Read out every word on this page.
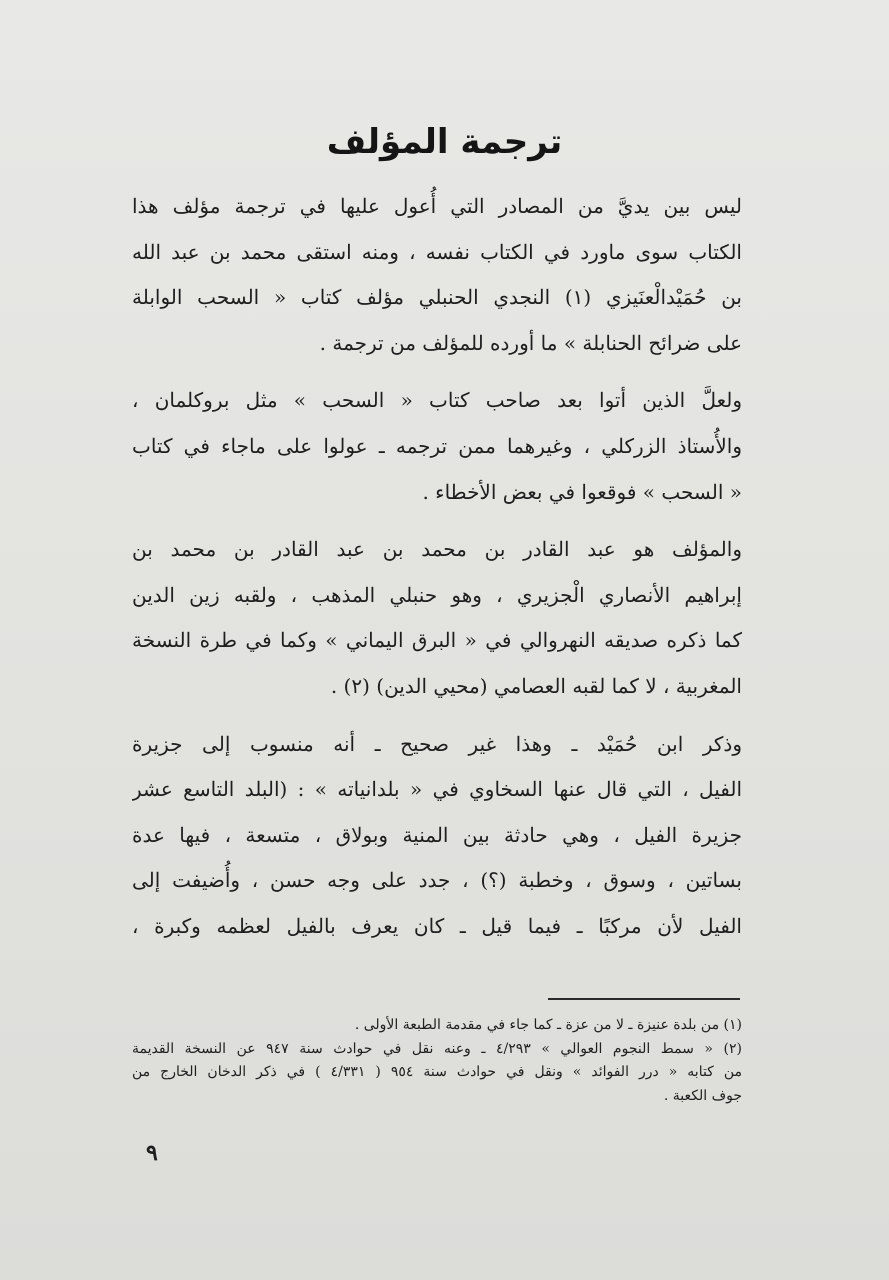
ترجمة المؤلف
ليس بين يديَّ من المصادر التي أُعول عليها في ترجمة مؤلف هذا
الكتاب سوى ماورد في الكتاب نفسه ، ومنه استقى محمد بن عبد الله
بن حُمَيْدالْعنَيزي (١) النجدي الحنبلي مؤلف كتاب « السحب الوابلة
على ضرائح الحنابلة » ما أورده للمؤلف من ترجمة .
ولعلَّ الذين أتوا بعد صاحب كتاب « السحب » مثل بروكلمان ،
والأُستاذ الزركلي ، وغيرهما ممن ترجمه ـ عولوا على ماجاء في كتاب
« السحب » فوقعوا في بعض الأخطاء .
والمؤلف هو عبد القادر بن محمد بن عبد القادر بن محمد بن
إبراهيم الأنصاري الْجزيري ، وهو حنبلي المذهب ، ولقبه زين الدين
كما ذكره صديقه النهروالي في « البرق اليماني » وكما في طرة النسخة
المغربية ، لا كما لقبه العصامي (محيي الدين) (٢) .
وذكر ابن حُمَيْد ـ وهذا غير صحيح ـ أنه منسوب إلى جزيرة
الفيل ، التي قال عنها السخاوي في « بلدانياته » : (البلد التاسع عشر
جزيرة الفيل ، وهي حادثة بين المنية وبولاق ، متسعة ، فيها عدة
بساتين ، وسوق ، وخطبة (؟) ، جدد على وجه حسن ، وأُضيفت إلى
الفيل لأن مركبًا ـ فيما قيل ـ كان يعرف بالفيل لعظمه وكبرة ،
(١) من بلدة عنيزة ـ لا من عزة ـ كما جاء في مقدمة الطبعة الأولى .
(٢) « سمط النجوم العوالي » ٤/٢٩٣ ـ وعنه نقل في حوادث سنة ٩٤٧ عن النسخة القديمة
من كتابه « درر الفوائد » ونقل في حوادث سنة ٩٥٤ ( ٤/٣٣١ ) في ذكر الدخان الخارج من
جوف الكعبة .
٩
